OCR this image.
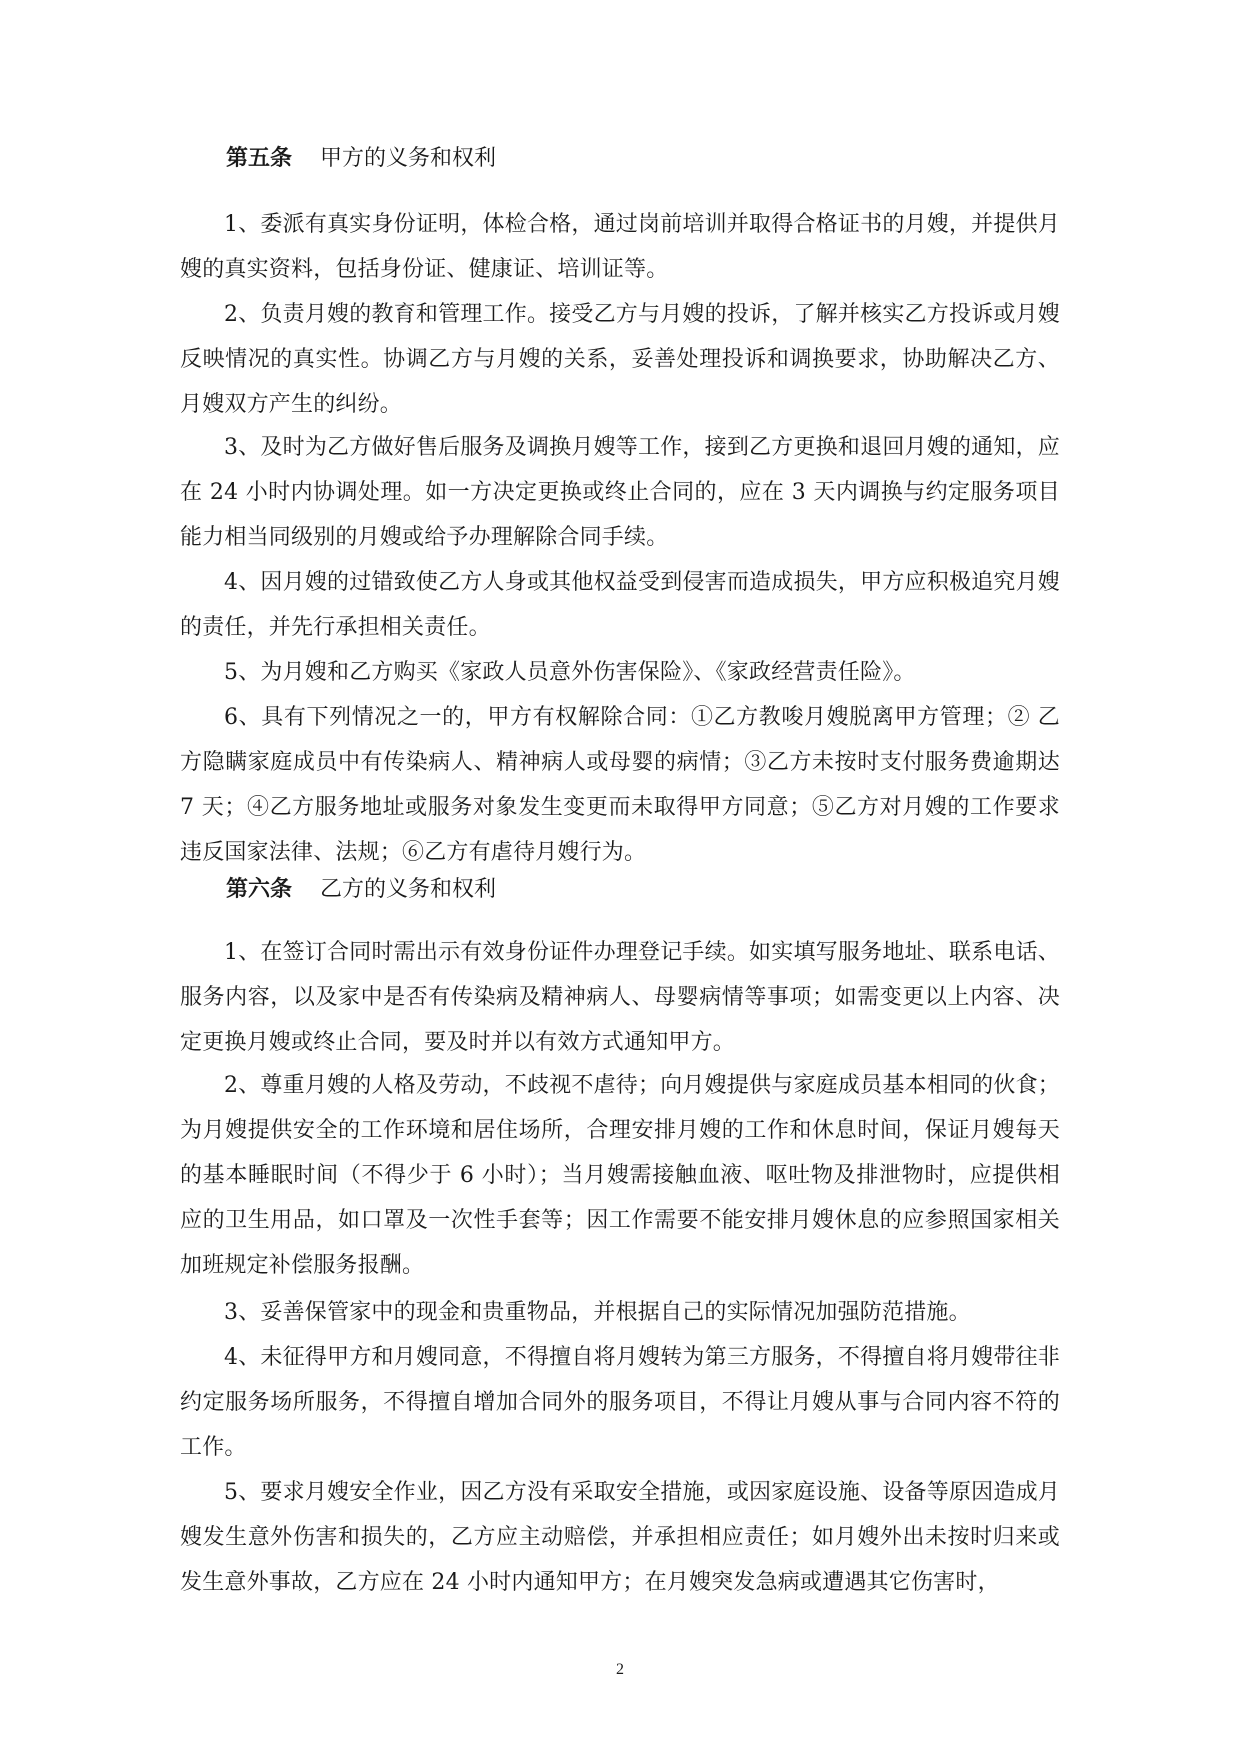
第五条 甲方的义务和权利

1、委派有真实身份证明，体检合格，通过岗前培训并取得合格证书的月嫂，并提供月嫂的真实资料，包括身份证、健康证、培训证等。

2、负责月嫂的教育和管理工作。接受乙方与月嫂的投诉，了解并核实乙方投诉或月嫂反映情况的真实性。协调乙方与月嫂的关系，妥善处理投诉和调换要求，协助解决乙方、月嫂双方产生的纠纷。

3、及时为乙方做好售后服务及调换月嫂等工作，接到乙方更换和退回月嫂的通知，应在 24 小时内协调处理。如一方决定更换或终止合同的，应在 3 天内调换与约定服务项目能力相当同级别的月嫂或给予办理解除合同手续。

4、因月嫂的过错致使乙方人身或其他权益受到侵害而造成损失，甲方应积极追究月嫂的责任，并先行承担相关责任。

5、为月嫂和乙方购买《家政人员意外伤害保险》、《家政经营责任险》。

6、具有下列情况之一的，甲方有权解除合同：①乙方教唆月嫂脱离甲方管理；② 乙方隐瞒家庭成员中有传染病人、精神病人或母婴的病情；③乙方未按时支付服务费逾期达 7 天；④乙方服务地址或服务对象发生变更而未取得甲方同意；⑤乙方对月嫂的工作要求违反国家法律、法规；⑥乙方有虐待月嫂行为。

第六条 乙方的义务和权利

1、在签订合同时需出示有效身份证件办理登记手续。如实填写服务地址、联系电话、服务内容，以及家中是否有传染病及精神病人、母婴病情等事项；如需变更以上内容、决定更换月嫂或终止合同，要及时并以有效方式通知甲方。

2、尊重月嫂的人格及劳动，不歧视不虐待；向月嫂提供与家庭成员基本相同的伙食；为月嫂提供安全的工作环境和居住场所，合理安排月嫂的工作和休息时间，保证月嫂每天的基本睡眠时间（不得少于 6 小时）；当月嫂需接触血液、呕吐物及排泄物时，应提供相应的卫生用品，如口罩及一次性手套等；因工作需要不能安排月嫂休息的应参照国家相关加班规定补偿服务报酬。

3、妥善保管家中的现金和贵重物品，并根据自己的实际情况加强防范措施。

4、未征得甲方和月嫂同意，不得擅自将月嫂转为第三方服务，不得擅自将月嫂带往非约定服务场所服务，不得擅自增加合同外的服务项目，不得让月嫂从事与合同内容不符的工作。

5、要求月嫂安全作业，因乙方没有采取安全措施，或因家庭设施、设备等原因造成月嫂发生意外伤害和损失的，乙方应主动赔偿，并承担相应责任；如月嫂外出未按时归来或发生意外事故，乙方应在 24 小时内通知甲方；在月嫂突发急病或遭遇其它伤害时，

2
